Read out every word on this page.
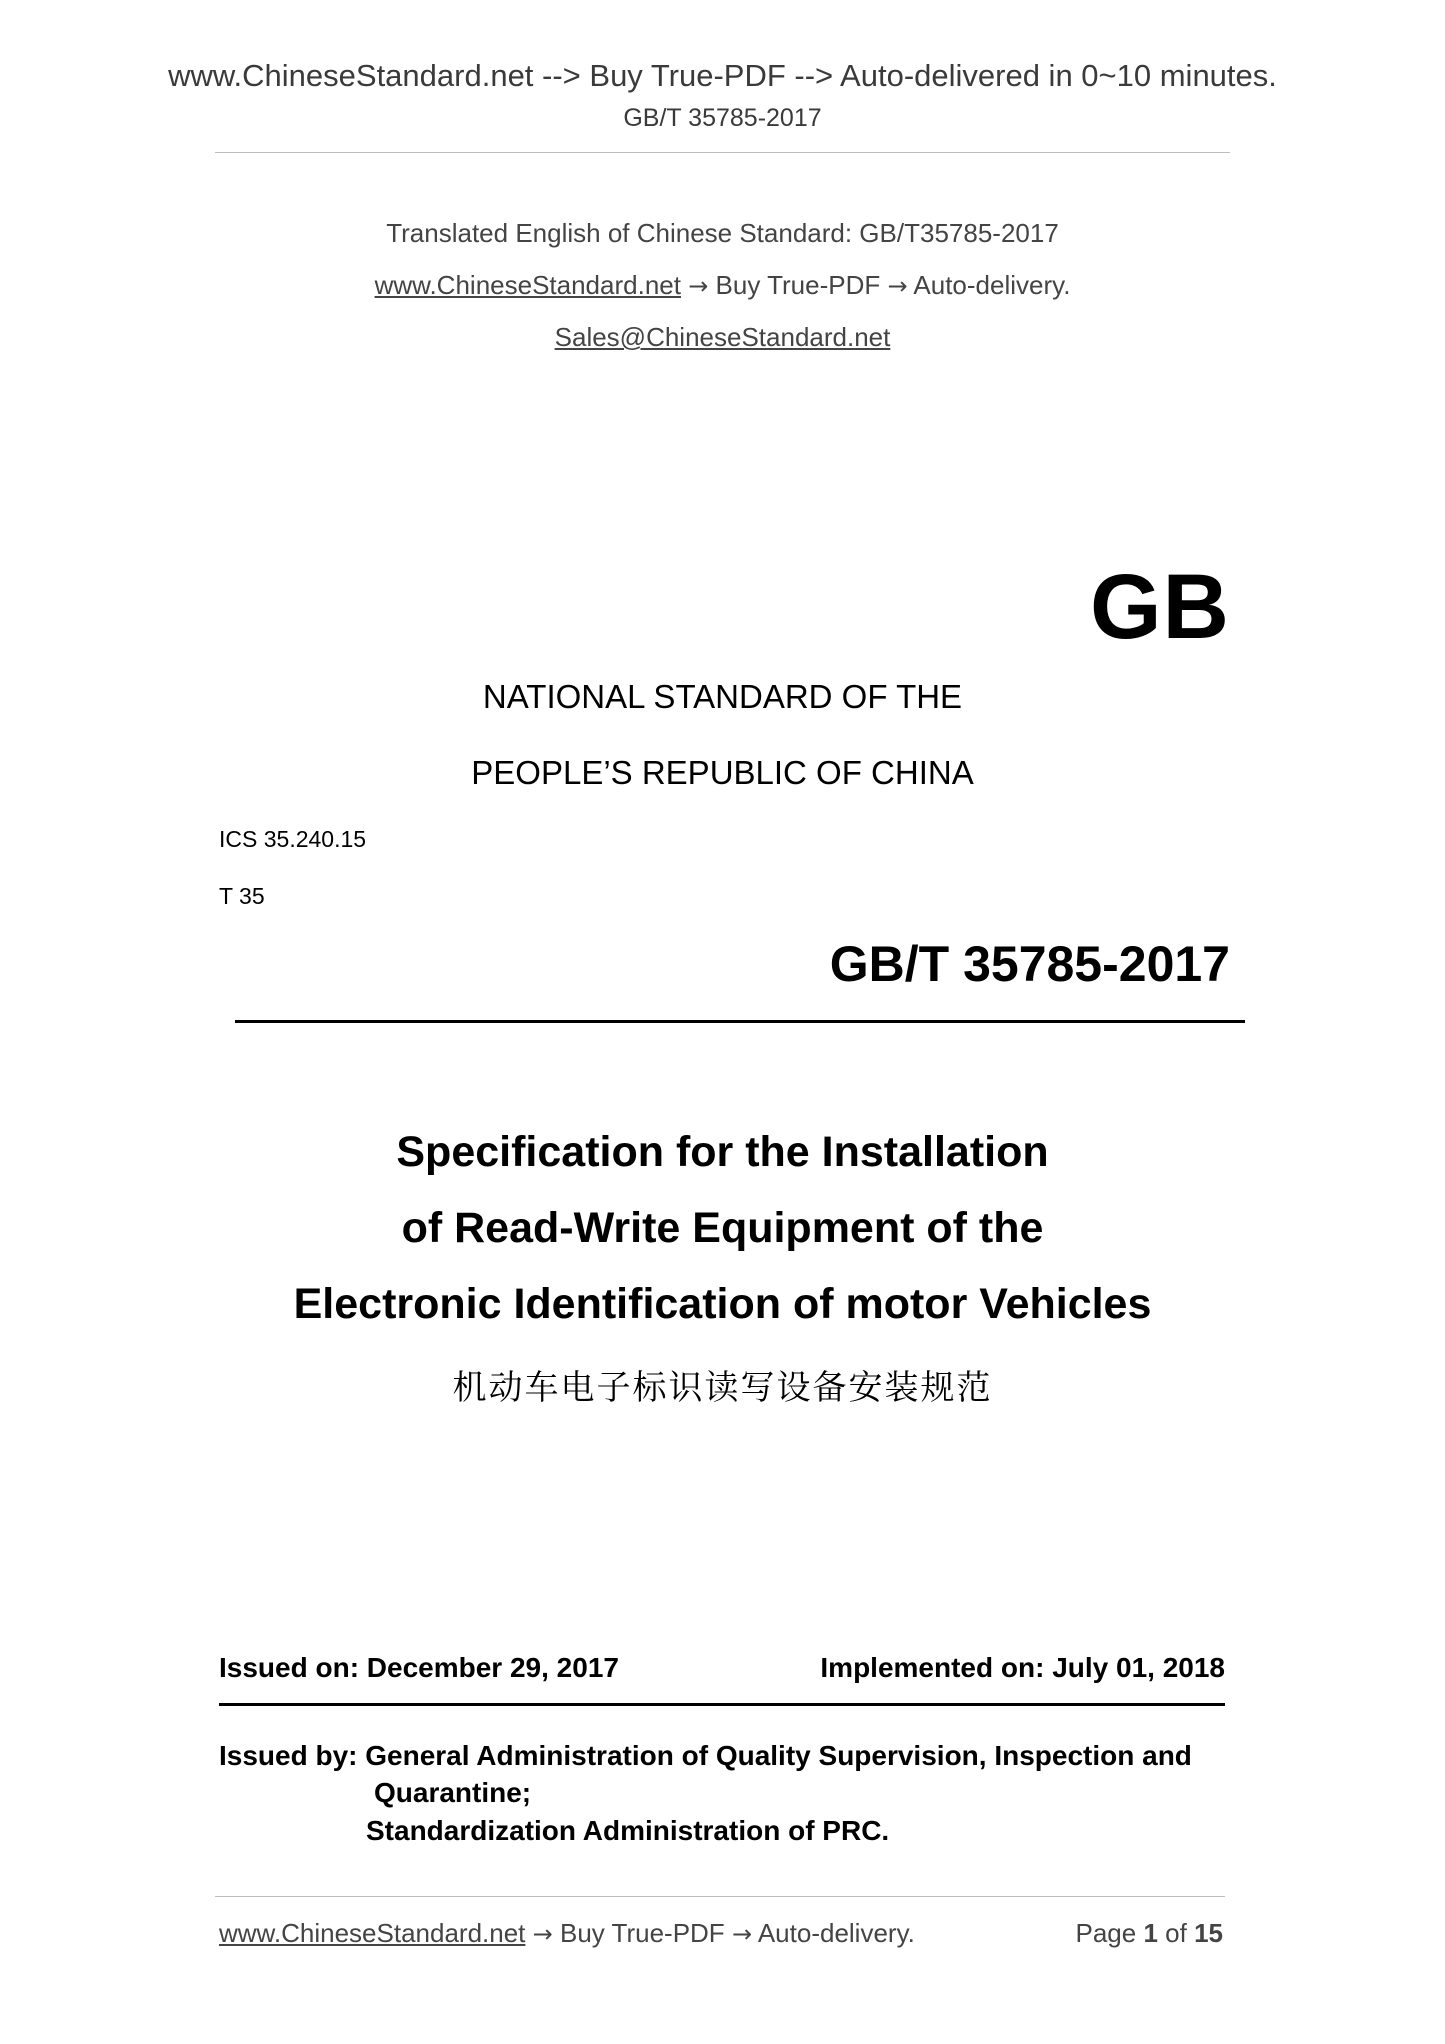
www.ChineseStandard.net --> Buy True-PDF --> Auto-delivered in 0~10 minutes.
GB/T 35785-2017
Translated English of Chinese Standard: GB/T35785-2017
www.ChineseStandard.net → Buy True-PDF → Auto-delivery.
Sales@ChineseStandard.net
GB
NATIONAL STANDARD OF THE
PEOPLE’S REPUBLIC OF CHINA
ICS 35.240.15
T 35
GB/T 35785-2017
Specification for the Installation
of Read-Write Equipment of the
Electronic Identification of motor Vehicles
机动车电子标识读写设备安装规范
Issued on: December 29, 2017	Implemented on: July 01, 2018
Issued by: General Administration of Quality Supervision, Inspection and
Quarantine;
Standardization Administration of PRC.
www.ChineseStandard.net → Buy True-PDF → Auto-delivery.	Page 1 of 15
